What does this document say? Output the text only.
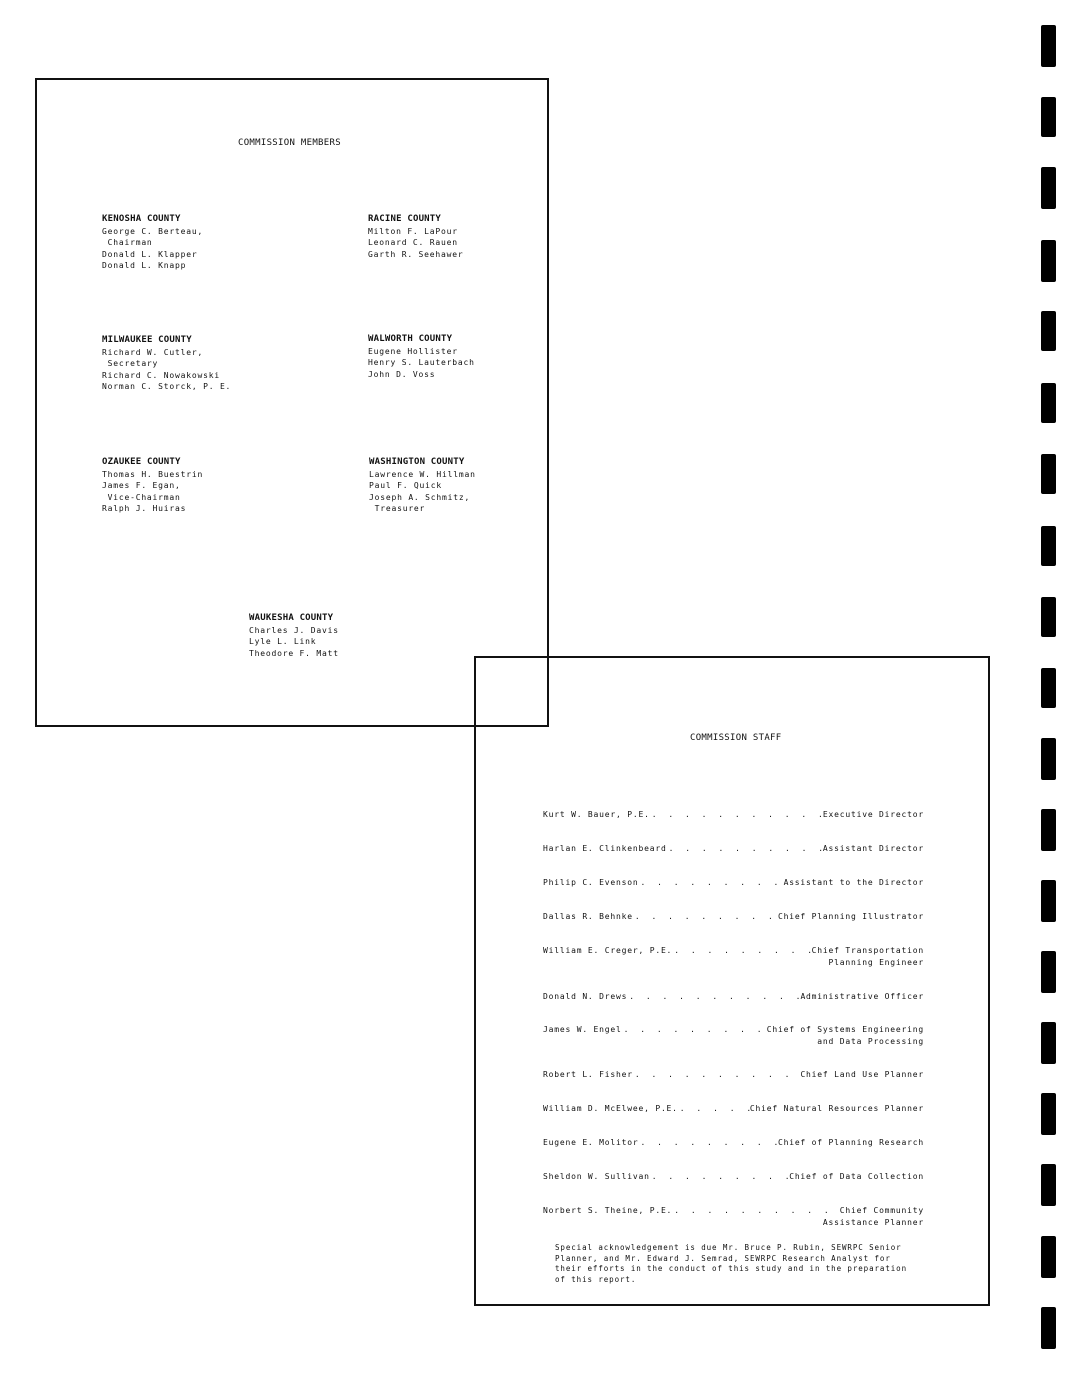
COMMISSION MEMBERS
KENOSHA COUNTY
George C. Berteau,
Chairman
Donald L. Klapper
Donald L. Knapp
RACINE COUNTY
Milton F. LaPour
Leonard C. Rauen
Garth R. Seehawer
MILWAUKEE COUNTY
Richard W. Cutler,
Secretary
Richard C. Nowakowski
Norman C. Storck, P. E.
WALWORTH COUNTY
Eugene Hollister
Henry S. Lauterbach
John D. Voss
OZAUKEE COUNTY
Thomas H. Buestrin
James F. Egan,
Vice-Chairman
Ralph J. Huiras
WASHINGTON COUNTY
Lawrence W. Hillman
Paul F. Quick
Joseph A. Schmitz,
Treasurer
WAUKESHA COUNTY
Charles J. Davis
Lyle L. Link
Theodore F. Matt
COMMISSION STAFF
Kurt W. Bauer, P.E. . . .	Executive Director
Harlan E. Clinkenbeard . . .	Assistant Director
Philip C. Evenson . . .	Assistant to the Director
Dallas R. Behnke . . .	Chief Planning Illustrator
William E. Creger, P.E. . . .	Chief Transportation
Planning Engineer
Donald N. Drews . . .	Administrative Officer
James W. Engel . . .	Chief of Systems Engineering
and Data Processing
Robert L. Fisher . . .	Chief Land Use Planner
William D. McElwee, P.E. . . .	Chief Natural Resources Planner
Eugene E. Molitor . . .	Chief of Planning Research
Sheldon W. Sullivan . . .	Chief of Data Collection
Norbert S. Theine, P.E. . . .	Chief Community
Assistance Planner
Special acknowledgement is due Mr. Bruce P. Rubin, SEWRPC Senior Planner, and Mr. Edward J. Semrad, SEWRPC Research Analyst for their efforts in the conduct of this study and in the preparation of this report.
